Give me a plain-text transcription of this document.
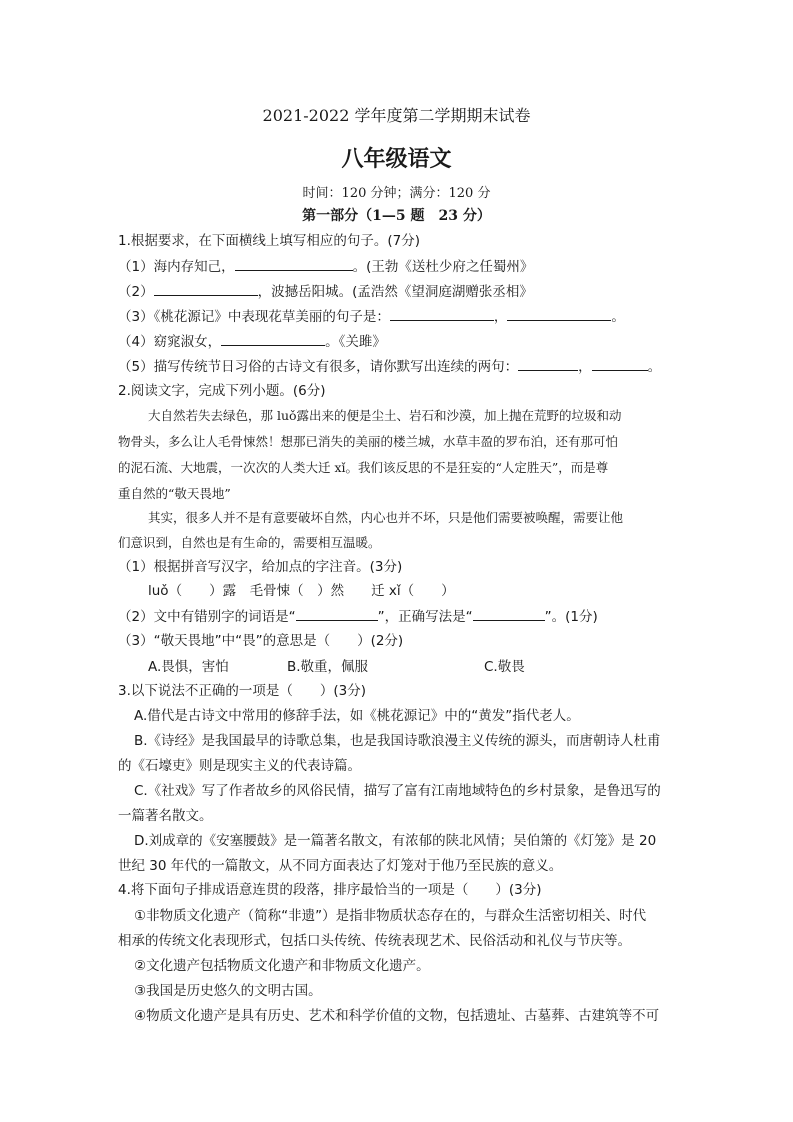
2021-2022 学年度第二学期期末试卷
八年级语文
时间：120 分钟；满分：120 分
第一部分（1—5 题　23 分）
1.根据要求，在下面横线上填写相应的句子。(7分)
（1）海内存知己，	。(王勃《送杜少府之任蜀州》
（2）	，波撼岳阳城。(孟浩然《望洞庭湖赠张丞相》
（3）《桃花源记》中表现花草美丽的句子是：	，	。
（4）窈窕淑女，	。《关雎》
（5）描写传统节日习俗的古诗文有很多，请你默写出连续的两句：	，	。
2.阅读文字，完成下列小题。(6分)
大自然若失去绿色，那 luǒ露出来的便是尘土、岩石和沙漠，加上抛在荒野的垃圾和动
物骨头，多么让人毛骨悚然！想那已消失的美丽的楼兰城，水草丰盈的罗布泊，还有那可怕
的泥石流、大地震，一次次的人类大迁 xǐ。我们该反思的不是狂妄的“人定胜天”，而是尊
重自然的“敬天畏地”
其实，很多人并不是有意要破坏自然，内心也并不坏，只是他们需要被唤醒，需要让他
们意识到，自然也是有生命的，需要相互温暖。
（1）根据拼音写汉字，给加点的字注音。(3分)
luǒ（　　）露　毛骨悚（　）然　　迁 xǐ（　　）
（2）文中有错别字的词语是“	”，正确写法是“	”。(1分)
（3）“敬天畏地”中“畏”的意思是（　　）(2分)
A.畏惧，害怕	B.敬重，佩服	C.敬畏
3.以下说法不正确的一项是（　　）(3分)
A.借代是古诗文中常用的修辞手法，如《桃花源记》中的“黄发”指代老人。
B.《诗经》是我国最早的诗歌总集，也是我国诗歌浪漫主义传统的源头，而唐朝诗人杜甫
的《石壕吏》则是现实主义的代表诗篇。
C.《社戏》写了作者故乡的风俗民情，描写了富有江南地域特色的乡村景象，是鲁迅写的
一篇著名散文。
D.刘成章的《安塞腰鼓》是一篇著名散文，有浓郁的陕北风情；吴伯箫的《灯笼》是 20
世纪 30 年代的一篇散文，从不同方面表达了灯笼对于他乃至民族的意义。
4.将下面句子排成语意连贯的段落，排序最恰当的一项是（　　）(3分)
①非物质文化遗产（简称“非遗”）是指非物质状态存在的，与群众生活密切相关、时代
相承的传统文化表现形式，包括口头传统、传统表现艺术、民俗活动和礼仪与节庆等。
②文化遗产包括物质文化遗产和非物质文化遗产。
③我国是历史悠久的文明古国。
④物质文化遗产是具有历史、艺术和科学价值的文物，包括遗址、古墓葬、古建筑等不可
